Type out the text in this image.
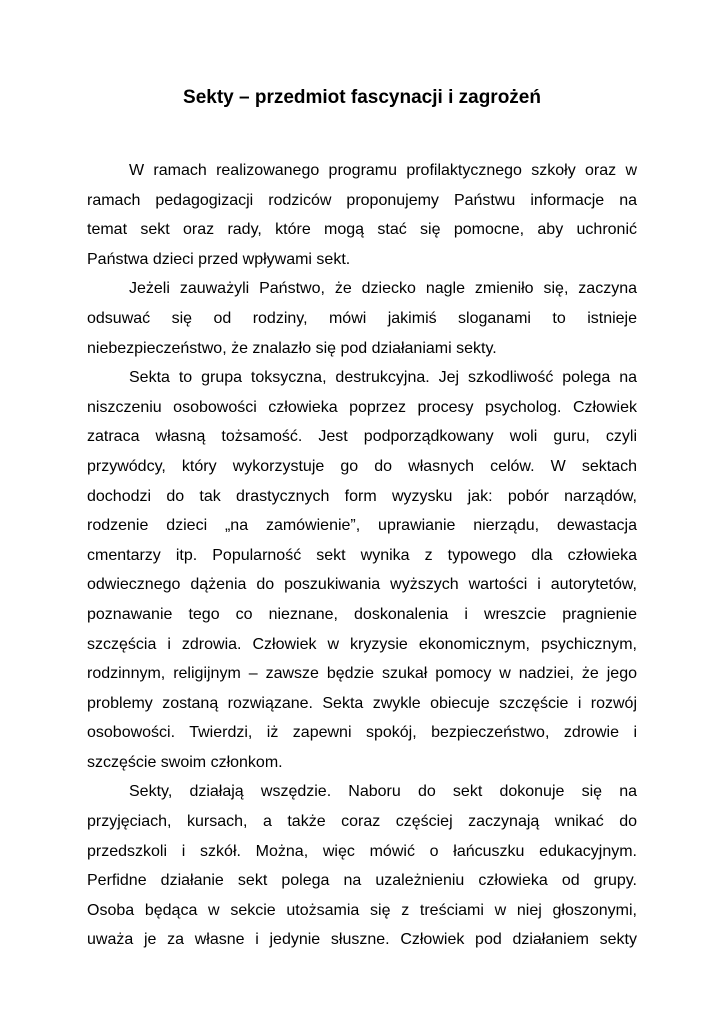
Sekty – przedmiot fascynacji i zagrożeń
W ramach realizowanego programu profilaktycznego szkoły oraz w
ramach pedagogizacji rodziców proponujemy Państwu informacje na
temat sekt oraz rady, które mogą stać się pomocne, aby uchronić
Państwa dzieci przed wpływami sekt.
Jeżeli zauważyli Państwo, że dziecko nagle zmieniło się, zaczyna
odsuwać się od rodziny, mówi jakimiś sloganami to istnieje
niebezpieczeństwo, że znalazło się pod działaniami sekty.
Sekta to grupa toksyczna, destrukcyjna. Jej szkodliwość polega na
niszczeniu osobowości człowieka poprzez procesy psycholog. Człowiek
zatraca własną tożsamość. Jest podporządkowany woli guru, czyli
przywódcy, który wykorzystuje go do własnych celów. W sektach
dochodzi do tak drastycznych form wyzysku jak: pobór narządów,
rodzenie dzieci „na zamówienie”, uprawianie nierządu, dewastacja
cmentarzy itp. Popularność sekt wynika z typowego dla człowieka
odwiecznego dążenia do poszukiwania wyższych wartości i autorytetów,
poznawanie tego co nieznane, doskonalenia i wreszcie pragnienie
szczęścia i zdrowia. Człowiek w kryzysie ekonomicznym, psychicznym,
rodzinnym, religijnym – zawsze będzie szukał pomocy w nadziei, że jego
problemy zostaną rozwiązane. Sekta zwykle obiecuje szczęście i rozwój
osobowości. Twierdzi, iż zapewni spokój, bezpieczeństwo, zdrowie i
szczęście swoim członkom.
Sekty, działają wszędzie. Naboru do sekt dokonuje się na
przyjęciach, kursach, a także coraz częściej zaczynają wnikać do
przedszkoli i szkół. Można, więc mówić o łańcuszku edukacyjnym.
Perfidne działanie sekt polega na uzależnieniu człowieka od grupy.
Osoba będąca w sekcie utożsamia się z treściami w niej głoszonymi,
uważa je za własne i jedynie słuszne. Człowiek pod działaniem sekty
